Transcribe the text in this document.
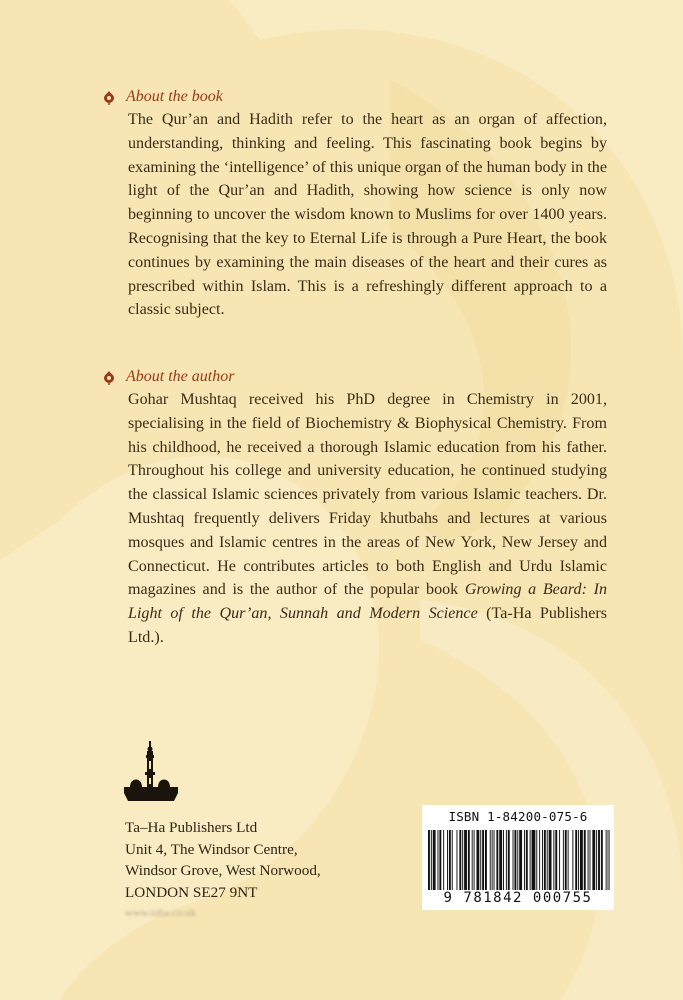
About the book
The Qur’an and Hadith refer to the heart as an organ of affection, understanding, thinking and feeling. This fascinating book begins by examining the ‘intelligence’ of this unique organ of the human body in the light of the Qur’an and Hadith, showing how science is only now beginning to uncover the wisdom known to Muslims for over 1400 years. Recognising that the key to Eternal Life is through a Pure Heart, the book continues by examining the main diseases of the heart and their cures as prescribed within Islam. This is a refreshingly different approach to a classic subject.
About the author
Gohar Mushtaq received his PhD degree in Chemistry in 2001, specialising in the field of Biochemistry & Biophysical Chemistry. From his childhood, he received a thorough Islamic education from his father. Throughout his college and university education, he continued studying the classical Islamic sciences privately from various Islamic teachers. Dr. Mushtaq frequently delivers Friday khutbahs and lectures at various mosques and Islamic centres in the areas of New York, New Jersey and Connecticut. He contributes articles to both English and Urdu Islamic magazines and is the author of the popular book Growing a Beard: In Light of the Qur’an, Sunnah and Modern Science (Ta-Ha Publishers Ltd.).
Ta–Ha Publishers Ltd
Unit 4, The Windsor Centre,
Windsor Grove, West Norwood,
LONDON SE27 9NT
www.taha.co.uk
ISBN 1-84200-075-6
9 781842 000755
